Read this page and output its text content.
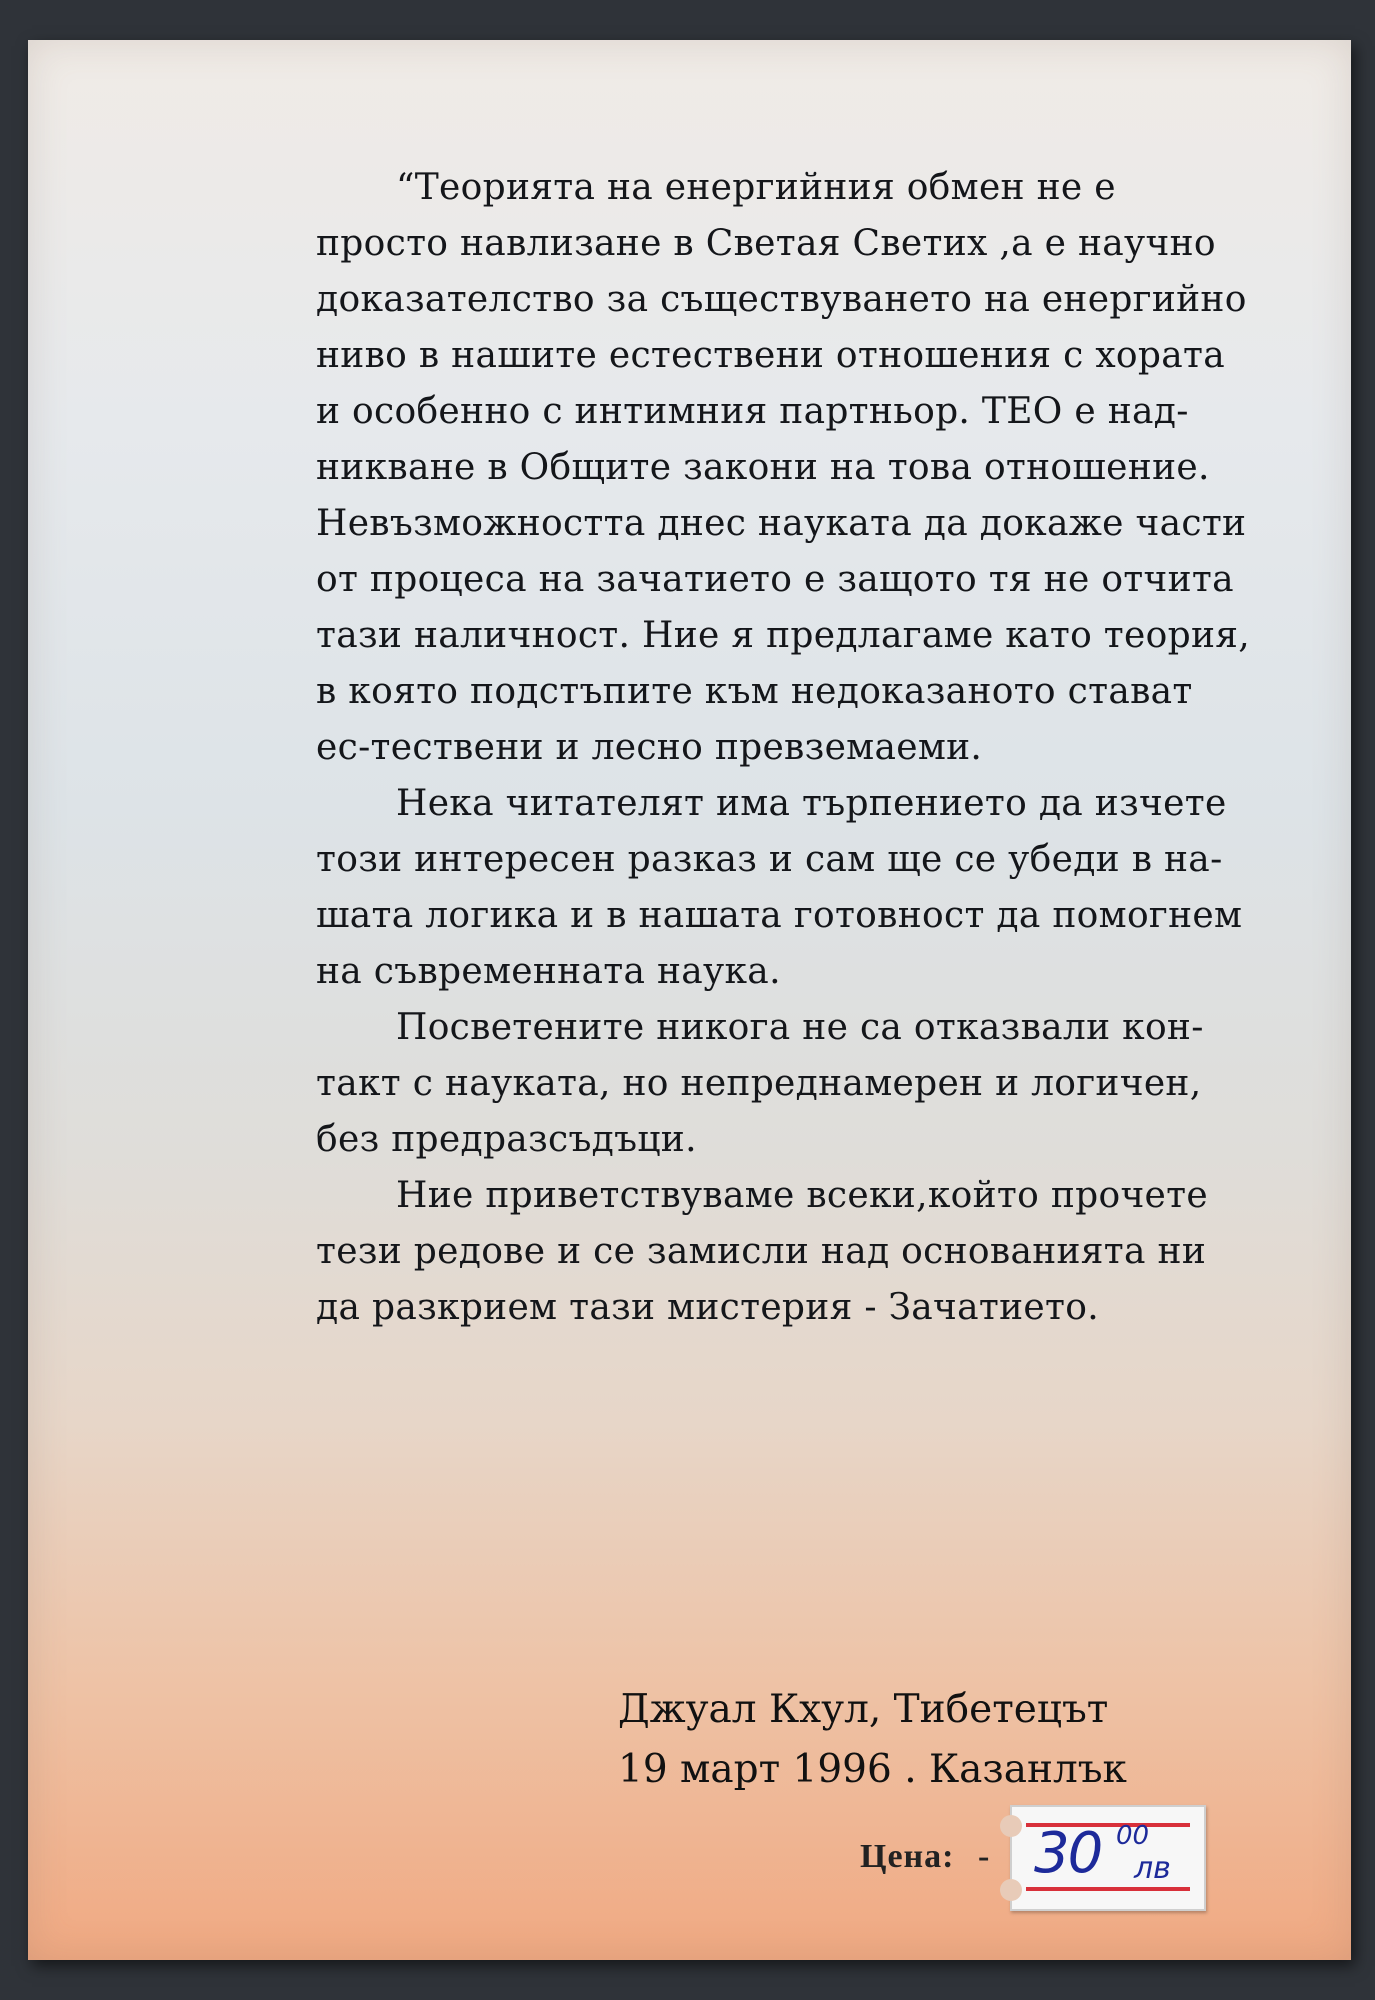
“Теорията на енергийния обмен не е просто навлизане в Светая Светих ,а е научно доказателство за съществуването на енергийно ниво в нашите естествени отношения с хората и особенно с интимния партньор. ТЕО е над-никване в Общите закони на това отношение. Невъзможността днес науката да докаже части от процеса на зачатието е защото тя не отчита тази наличност. Ние я предлагаме като теория, в която подстъпите към недоказаното стават ес-тествени и лесно превземаеми.

Нека читателят има търпението да изчете този интересен разказ и сам ще се убеди в на-шата логика и в нашата готовност да помогнем на съвременната наука.

Посветените никога не са отказвали кон-такт с науката, но непреднамерен и логичен, без предразсъдъци.

Ние приветствуваме всеки,който прочете тези редове и се замисли над основанията ни да разкрием тази мистерия - Зачатието.

Джуал Кхул, Тибетецът
19 март 1996 . Казанлък
Цена: - 30 00
лв
